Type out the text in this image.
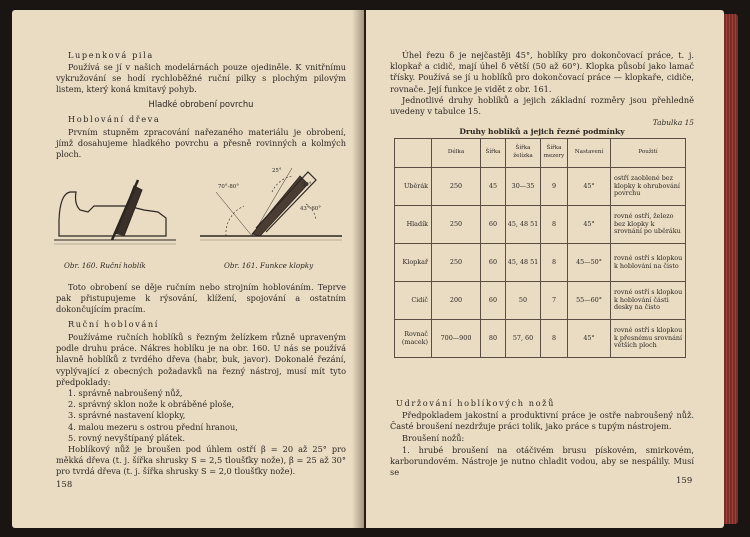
Lupenková pila
Používá se jí v našich modelárnách pouze ojediněle. K vnitřnímu vykružování se hodí rychloběžné ruční pilky s plochým pilovým listem, který koná kmitavý pohyb.
Hladké obrobení povrchu
Hoblování dřeva
Prvním stupněm zpracování nařezaného materiálu je obrobení, jímž dosahujeme hladkého povrchu a přesně rovinných a kolmých ploch.
Obr. 160. Ruční hoblík
70°-80°
25°
30°
43°-60°
Obr. 161. Funkce klopky
Toto obrobení se děje ručním nebo strojním hoblováním. Teprve pak přistupujeme k rýsování, klížení, spojování a ostatním dokončujícím pracím.
Ruční hoblování
Používáme ručních hoblíků s řezným želízkem různě upraveným podle druhu práce. Nákres hoblíku je na obr. 160. U nás se používá hlavně hoblíků z tvrdého dřeva (habr, buk, javor). Dokonalé řezání, vyplývající z obecných požadavků na řezný nástroj, musí mít tyto předpoklady:
1. správně nabroušený nůž,
2. správný sklon nože k obráběné ploše,
3. správné nastavení klopky,
4. malou mezeru s ostrou přední hranou,
5. rovný nevyštípaný plátek.
Hoblíkový nůž je broušen pod úhlem ostří β = 20 až 25° pro měkká dřeva (t. j. šířka shrusky S = 2,5 tloušťky nože), β = 25 až 30° pro tvrdá dřeva (t. j. šířka shrusky S = 2,0 tloušťky nože).
158
Úhel řezu δ je nejčastěji 45°, hoblíky pro dokončovací práce, t. j. klopkař a cidič, mají úhel δ větší (50 až 60°). Klopka působí jako lamač třísky. Používá se jí u hoblíků pro dokončovací práce — klopkaře, cidiče, rovnače. Její funkce je vidět z obr. 161.
Jednotlivé druhy hoblíků a jejich základní rozměry jsou přehledně uvedeny v tabulce 15.
Tabulka 15
Druhy hoblíků a jejich řezné podmínky
	Délka	Šířka	Šířka želízka	Šířka mezery	Nastavení	Použití
Uběrák	250	45	30—35	9	45°	ostří zaoblené bez klopky k ohrubování povrchu
Hladík	250	60	45, 48 51	8	45°	rovné ostří, železo bez klopky k srovnání po uběráku
Klopkař	250	60	45, 48 51	8	45—50°	rovné ostří s klopkou k hoblování na čisto
Cidič	200	60	50	7	55—60°	rovné ostří s klopkou k hoblování části desky na čisto
Rovnač (macek)	700—900	80	57, 60	8	45°	rovné ostří s klopkou k přesnému srovnání větších ploch
Udržování hoblíkových nožů
Předpokladem jakostní a produktivní práce je ostře nabroušený nůž. Časté broušení nezdržuje práci tolik, jako práce s tupým nástrojem.
Broušení nožů:
1. hrubé broušení na otáčivém brusu pískovém, smirkovém, karborundovém. Nástroje je nutno chladit vodou, aby se nespálily. Musí se
159
